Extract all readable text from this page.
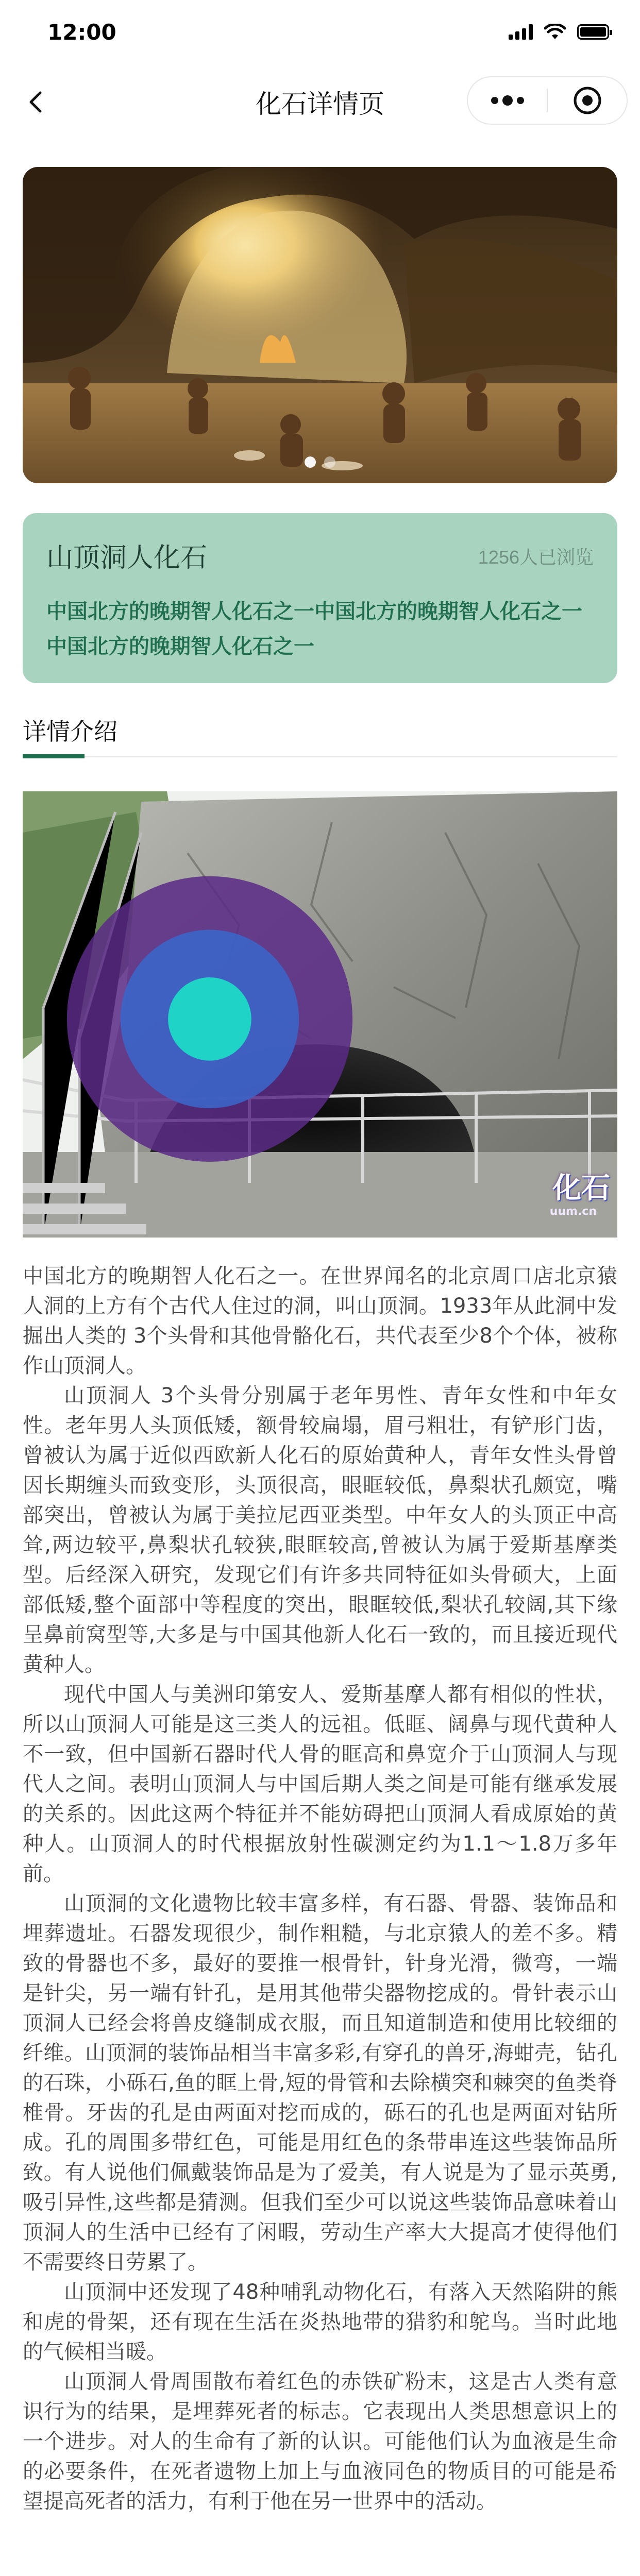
12:00
化石详情页
山顶洞人化石	1256人已浏览
中国北方的晚期智人化石之一中国北方的晚期智人化石之一中国北方的晚期智人化石之一
详情介绍
化石
uum.cn

中国北方的晚期智人化石之一。在世界闻名的北京周口店北京猿人洞的上方有个古代人住过的洞，叫山顶洞。1933年从此洞中发掘出人类的 3个头骨和其他骨骼化石，共代表至少8个个体，被称作山顶洞人。

山顶洞人 3个头骨分别属于老年男性、青年女性和中年女性。老年男人头顶低矮，额骨较扁塌，眉弓粗壮，有铲形门齿，曾被认为属于近似西欧新人化石的原始黄种人，青年女性头骨曾因长期缠头而致变形，头顶很高，眼眶较低，鼻梨状孔颇宽，嘴部突出，曾被认为属于美拉尼西亚类型。中年女人的头顶正中高耸,两边较平,鼻梨状孔较狭,眼眶较高,曾被认为属于爱斯基摩类型。后经深入研究，发现它们有许多共同特征如头骨硕大，上面部低矮,整个面部中等程度的突出，眼眶较低,梨状孔较阔,其下缘呈鼻前窝型等,大多是与中国其他新人化石一致的，而且接近现代黄种人。

现代中国人与美洲印第安人、爱斯基摩人都有相似的性状，所以山顶洞人可能是这三类人的远祖。低眶、阔鼻与现代黄种人不一致，但中国新石器时代人骨的眶高和鼻宽介于山顶洞人与现代人之间。表明山顶洞人与中国后期人类之间是可能有继承发展的关系的。因此这两个特征并不能妨碍把山顶洞人看成原始的黄种人。山顶洞人的时代根据放射性碳测定约为1.1～1.8万多年前。

山顶洞的文化遗物比较丰富多样，有石器、骨器、装饰品和埋葬遗址。石器发现很少，制作粗糙，与北京猿人的差不多。精致的骨器也不多，最好的要推一根骨针，针身光滑，微弯，一端是针尖，另一端有针孔，是用其他带尖器物挖成的。骨针表示山顶洞人已经会将兽皮缝制成衣服，而且知道制造和使用比较细的纤维。山顶洞的装饰品相当丰富多彩,有穿孔的兽牙,海蚶壳，钻孔的石珠，小砾石,鱼的眶上骨,短的骨管和去除横突和棘突的鱼类脊椎骨。牙齿的孔是由两面对挖而成的，砾石的孔也是两面对钻所成。孔的周围多带红色，可能是用红色的条带串连这些装饰品所致。有人说他们佩戴装饰品是为了爱美，有人说是为了显示英勇,吸引异性,这些都是猜测。但我们至少可以说这些装饰品意味着山顶洞人的生活中已经有了闲暇，劳动生产率大大提高才使得他们不需要终日劳累了。

山顶洞中还发现了48种哺乳动物化石，有落入天然陷阱的熊和虎的骨架，还有现在生活在炎热地带的猎豹和鸵鸟。当时此地的气候相当暖。

山顶洞人骨周围散布着红色的赤铁矿粉末，这是古人类有意识行为的结果，是埋葬死者的标志。它表现出人类思想意识上的一个进步。对人的生命有了新的认识。可能他们认为血液是生命的必要条件，在死者遗物上加上与血液同色的物质目的可能是希望提高死者的活力，有利于他在另一世界中的活动。
